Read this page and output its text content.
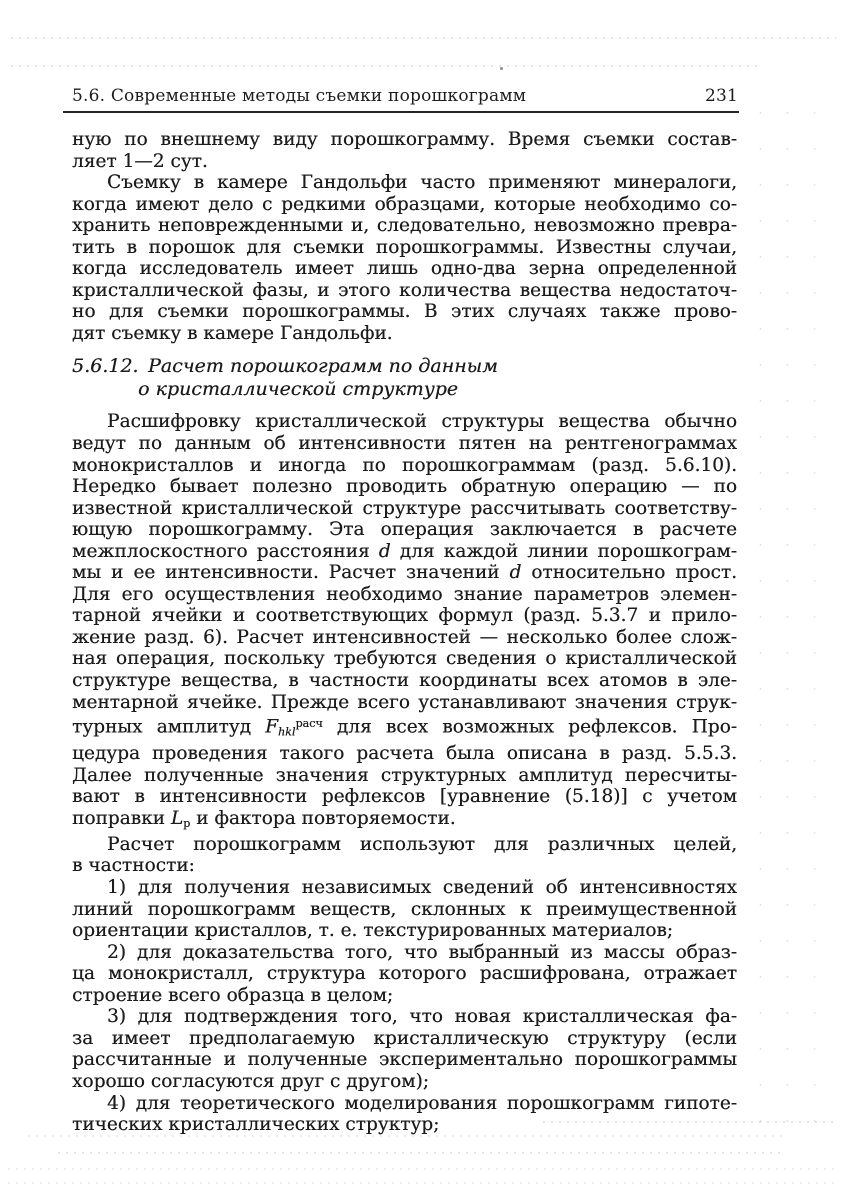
5.6. Современные методы съемки порошкограмм	231
ную по внешнему виду порошкограмму. Время съемки состав-
ляет 1—2 сут.
Съемку в камере Гандольфи часто применяют минералоги,
когда имеют дело с редкими образцами, которые необходимо со-
хранить неповрежденными и, следовательно, невозможно превра-
тить в порошок для съемки порошкограммы. Известны случаи,
когда исследователь имеет лишь одно-два зерна определенной
кристаллической фазы, и этого количества вещества недостаточ-
но для съемки порошкограммы. В этих случаях также прово-
дят съемку в камере Гандольфи.
5.6.12. Расчет порошкограмм по данным
о кристаллической структуре
Расшифровку кристаллической структуры вещества обычно
ведут по данным об интенсивности пятен на рентгенограммах
монокристаллов и иногда по порошкограммам (разд. 5.6.10).
Нередко бывает полезно проводить обратную операцию — по
известной кристаллической структуре рассчитывать соответству-
ющую порошкограмму. Эта операция заключается в расчете
межплоскостного расстояния d для каждой линии порошкограм-
мы и ее интенсивности. Расчет значений d относительно прост.
Для его осуществления необходимо знание параметров элемен-
тарной ячейки и соответствующих формул (разд. 5.3.7 и прило-
жение разд. 6). Расчет интенсивностей — несколько более слож-
ная операция, поскольку требуются сведения о кристаллической
структуре вещества, в частности координаты всех атомов в эле-
ментарной ячейке. Прежде всего устанавливают значения струк-
турных амплитуд $F_{hkl}^{расч}$ для всех возможных рефлексов. Про-
цедура проведения такого расчета была описана в разд. 5.5.3.
Далее полученные значения структурных амплитуд пересчиты-
вают в интенсивности рефлексов [уравнение (5.18)] с учетом
поправки $L_p$ и фактора повторяемости.
Расчет порошкограмм используют для различных целей,
в частности:
1) для получения независимых сведений об интенсивностях
линий порошкограмм веществ, склонных к преимущественной
ориентации кристаллов, т. е. текстурированных материалов;
2) для доказательства того, что выбранный из массы образ-
ца монокристалл, структура которого расшифрована, отражает
строение всего образца в целом;
3) для подтверждения того, что новая кристаллическая фа-
за имеет предполагаемую кристаллическую структуру (если
рассчитанные и полученные экспериментально порошкограммы
хорошо согласуются друг с другом);
4) для теоретического моделирования порошкограмм гипоте-
тических кристаллических структур;
